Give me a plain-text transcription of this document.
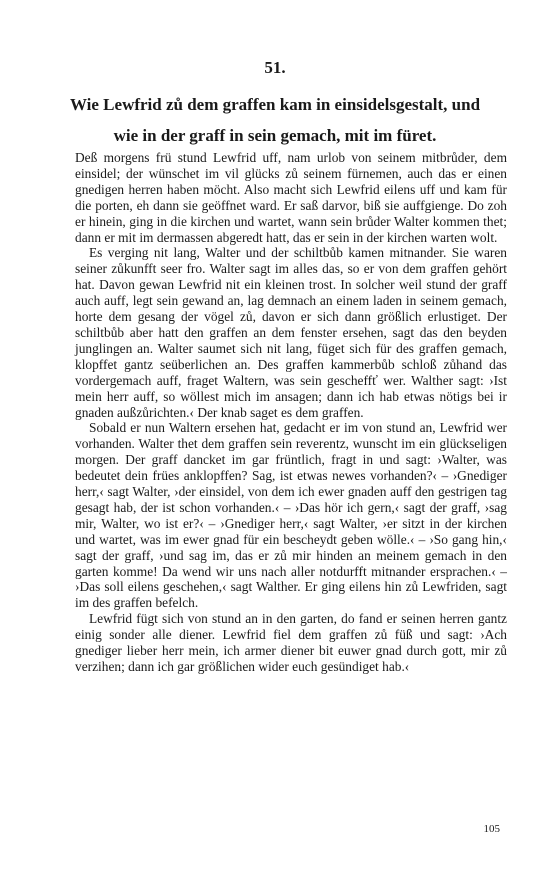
51.
Wie Lewfrid zů dem graffen kam in einsidelsgestalt, und wie in der graff in sein gemach, mit im füret.

Deß morgens frü stund Lewfrid uff, nam urlob von seinem mitbrůder, dem einsidel; der wünschet im vil glücks zů seinem fürnemen, auch das er einen gnedigen herren haben möcht. Also macht sich Lewfrid eilens uff und kam für die porten, eh dann sie geöffnet ward. Er saß darvor, biß sie auffgienge. Do zoh er hinein, ging in die kirchen und wartet, wann sein brůder Walter kommen thet; dann er mit im dermassen abgeredt hatt, das er sein in der kirchen warten wolt.

Es verging nit lang, Walter und der schiltbůb kamen mitnander. Sie waren seiner zůkunfft seer fro. Walter sagt im alles das, so er von dem graffen gehört hat. Davon gewan Lewfrid nit ein kleinen trost. In solcher weil stund der graff auch auff, legt sein gewand an, lag demnach an einem laden in seinem gemach, horte dem gesang der vögel zů, davon er sich dann größlich erlustiget. Der schiltbůb aber hatt den graffen an dem fenster ersehen, sagt das den beyden junglingen an. Walter saumet sich nit lang, füget sich für des graffen gemach, klopffet gantz seüberlichen an. Des graffen kammerbůb schloß zůhand das vordergemach auff, fraget Waltern, was sein gescheffť wer. Walther sagt: ›Ist mein herr auff, so wöllest mich im ansagen; dann ich hab etwas nötigs bei ir gnaden außzůrichten.‹ Der knab saget es dem graffen.

Sobald er nun Waltern ersehen hat, gedacht er im von stund an, Lewfrid wer vorhanden. Walter thet dem graffen sein reverentz, wunscht im ein glückseligen morgen. Der graff dancket im gar früntlich, fragt in und sagt: ›Walter, was bedeutet dein frües anklopffen? Sag, ist etwas newes vorhanden?‹ – ›Gnediger herr,‹ sagt Walter, ›der einsidel, von dem ich ewer gnaden auff den gestrigen tag gesagt hab, der ist schon vorhanden.‹ – ›Das hör ich gern,‹ sagt der graff, ›sag mir, Walter, wo ist er?‹ – ›Gnediger herr,‹ sagt Walter, ›er sitzt in der kirchen und wartet, was im ewer gnad für ein bescheydt geben wölle.‹ – ›So gang hin,‹ sagt der graff, ›und sag im, das er zů mir hinden an meinem gemach in den garten komme! Da wend wir uns nach aller notdurfft mitnander ersprachen.‹ – ›Das soll eilens geschehen,‹ sagt Walther. Er ging eilens hin zů Lewfriden, sagt im des graffen befelch.

Lewfrid fügt sich von stund an in den garten, do fand er seinen herren gantz einig sonder alle diener. Lewfrid fiel dem graffen zů füß und sagt: ›Ach gnediger lieber herr mein, ich armer diener bit euwer gnad durch gott, mir zů verzihen; dann ich gar größlichen wider euch gesündiget hab.‹

105
